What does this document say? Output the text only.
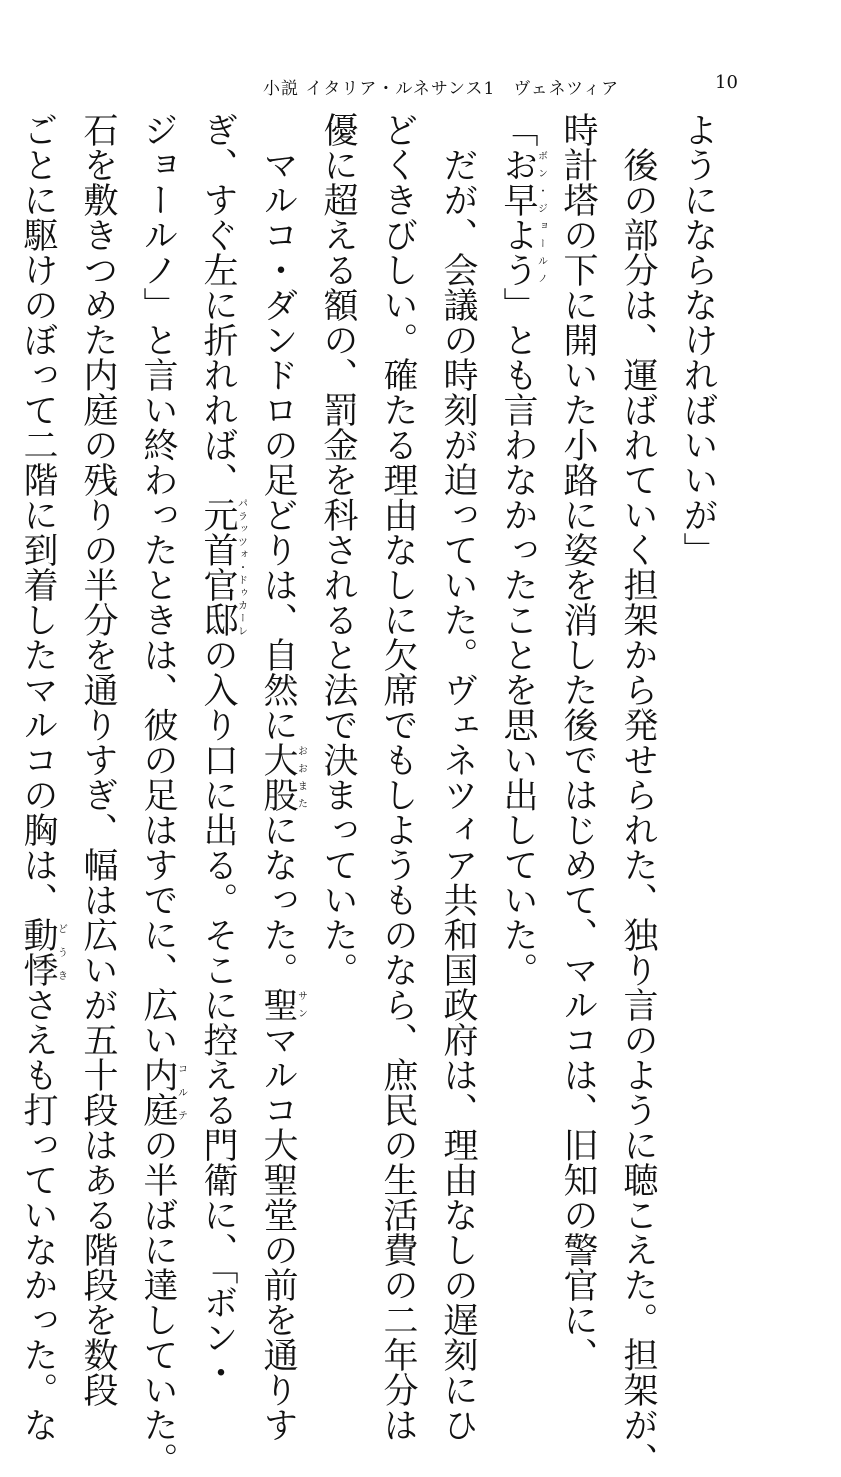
小説 イタリア・ルネサンス1　ヴェネツィア	10
ようにならなければいいが」
後の部分は、運ばれていく担架から発せられた、独り言のように聴こえた。担架が、
時計塔の下に開いた小路に姿を消した後ではじめて、マルコは、旧知の警官に、
「お早ようボン・ジョールノ」とも言わなかったことを思い出していた。
だが、会議の時刻が迫っていた。ヴェネツィア共和国政府は、理由なしの遅刻にひ
どくきびしい。確たる理由なしに欠席でもしようものなら、庶民の生活費の二年分は
優に超える額の、罰金を科されると法で決まっていた。
マルコ・ダンドロの足どりは、自然に大股おおまたになった。聖サンマルコ大聖堂の前を通りす
ぎ、すぐ左に折れれば、元首官邸パラッツォ・ドゥカーレの入り口に出る。そこに控える門衛に、「ボン・
ジョールノ」と言い終わったときは、彼の足はすでに、広い内庭コルテの半ばに達していた。
石を敷きつめた内庭の残りの半分を通りすぎ、幅は広いが五十段はある階段を数段
ごとに駆けのぼって二階に到着したマルコの胸は、動悸どうきさえも打っていなかった。な
